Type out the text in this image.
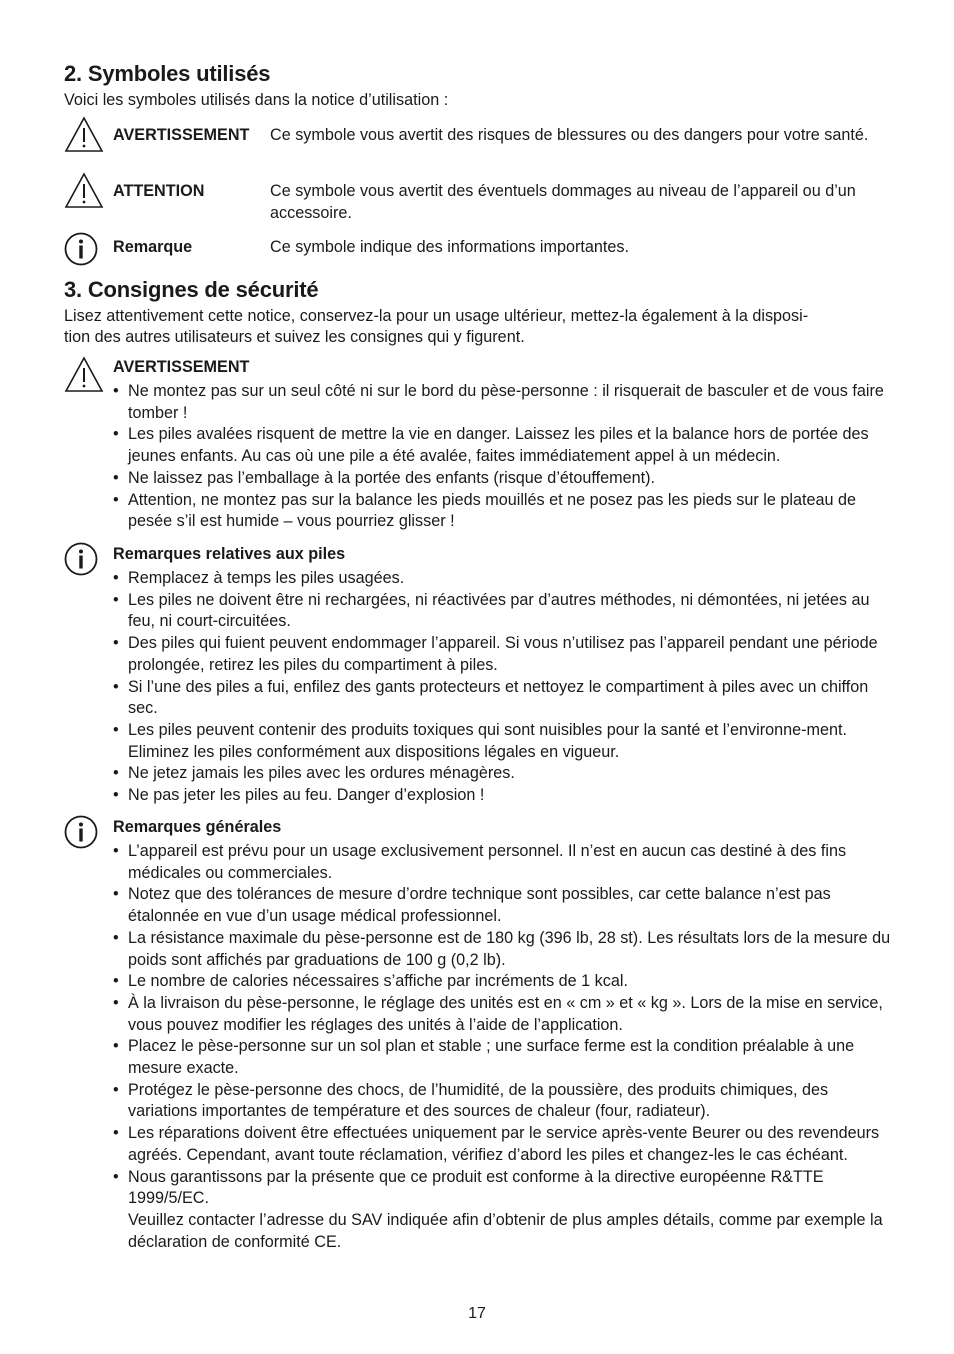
2. Symboles utilisés

Voici les symboles utilisés dans la notice d’utilisation :

AVERTISSEMENT Ce symbole vous avertit des risques de blessures ou des dangers pour votre santé.
ATTENTION	Ce symbole vous avertit des éventuels dommages au niveau de l’appareil ou d’un accessoire.
Remarque	Ce symbole indique des informations importantes.
3. Consignes de sécurité

Lisez attentivement cette notice, conservez-la pour un usage ultérieur, mettez-la également à la disposi-

tion des autres utilisateurs et suivez les consignes qui y figurent.

AVERTISSEMENT
• Ne montez pas sur un seul côté ni sur le bord du pèse-personne : il risquerait de basculer et de vous faire tomber !
• Les piles avalées risquent de mettre la vie en danger. Laissez les piles et la balance hors de portée des jeunes enfants. Au cas où une pile a été avalée, faites immédiatement appel à un médecin.
• Ne laissez pas l’emballage à la portée des enfants (risque d’étouffement).
• Attention, ne montez pas sur la balance les pieds mouillés et ne posez pas les pieds sur le plateau de pesée s’il est humide – vous pourriez glisser !
Remarques relatives aux piles
• Remplacez à temps les piles usagées.
• Les piles ne doivent être ni rechargées, ni réactivées par d’autres méthodes, ni démontées, ni jetées au feu, ni court-circuitées.
• Des piles qui fuient peuvent endommager l’appareil. Si vous n’utilisez pas l’appareil pendant une période prolongée, retirez les piles du compartiment à piles.
• Si l’une des piles a fui, enfilez des gants protecteurs et nettoyez le compartiment à piles avec un chiffon sec.
• Les piles peuvent contenir des produits toxiques qui sont nuisibles pour la santé et l’environne-ment. Eliminez les piles conformément aux dispositions légales en vigueur.
• Ne jetez jamais les piles avec les ordures ménagères.
• Ne pas jeter les piles au feu. Danger d’explosion !
Remarques générales
• L’appareil est prévu pour un usage exclusivement personnel. Il n’est en aucun cas destiné à des fins médicales ou commerciales.
• Notez que des tolérances de mesure d’ordre technique sont possibles, car cette balance n’est pas étalonnée en vue d’un usage médical professionnel.
• La résistance maximale du pèse-personne est de 180 kg (396 lb, 28 st). Les résultats lors de la mesure du poids sont affichés par graduations de 100 g (0,2 lb).
• Le nombre de calories nécessaires s’affiche par incréments de 1 kcal.
• À la livraison du pèse-personne, le réglage des unités est en « cm » et « kg ». Lors de la mise en service, vous pouvez modifier les réglages des unités à l’aide de l’application.
• Placez le pèse-personne sur un sol plan et stable ; une surface ferme est la condition préalable à une mesure exacte.
• Protégez le pèse-personne des chocs, de l’humidité, de la poussière, des produits chimiques, des variations importantes de température et des sources de chaleur (four, radiateur).
• Les réparations doivent être effectuées uniquement par le service après-vente Beurer ou des revendeurs agréés. Cependant, avant toute réclamation, vérifiez d’abord les piles et changez-les le cas échéant.
• Nous garantissons par la présente que ce produit est conforme à la directive européenne R&TTE 1999/5/EC.
Veuillez contacter l’adresse du SAV indiquée afin d’obtenir de plus amples détails, comme par exemple la déclaration de conformité CE.
17
